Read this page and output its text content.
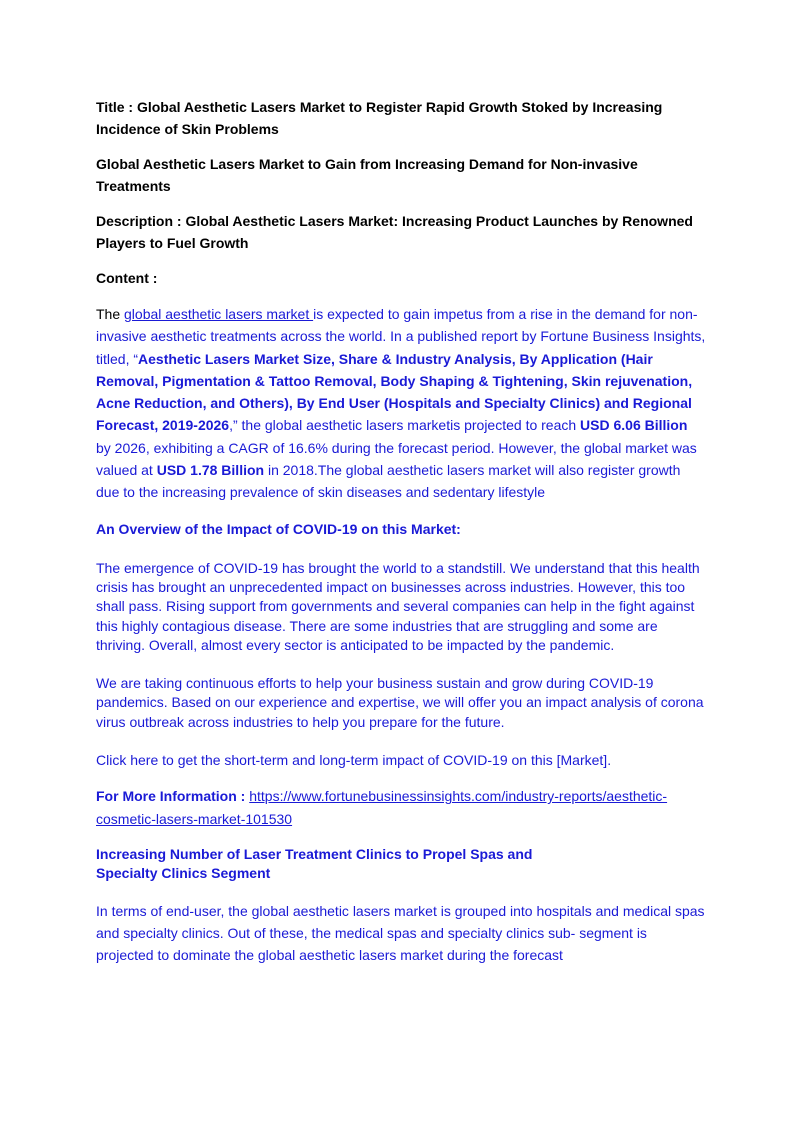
Title : Global Aesthetic Lasers Market to Register Rapid Growth Stoked by Increasing Incidence of Skin Problems

Global Aesthetic Lasers Market to Gain from Increasing Demand for Non-invasive Treatments

Description : Global Aesthetic Lasers Market: Increasing Product Launches by Renowned Players to Fuel Growth

Content :

The global aesthetic lasers market is expected to gain impetus from a rise in the demand for non-invasive aesthetic treatments across the world. In a published report by Fortune Business Insights, titled, “Aesthetic Lasers Market Size, Share & Industry Analysis, By Application (Hair Removal, Pigmentation & Tattoo Removal, Body Shaping & Tightening, Skin rejuvenation, Acne Reduction, and Others), By End User (Hospitals and Specialty Clinics) and Regional Forecast, 2019-2026,” the global aesthetic lasers marketis projected to reach USD 6.06 Billion by 2026, exhibiting a CAGR of 16.6% during the forecast period. However, the global market was valued at USD 1.78 Billion in 2018.The global aesthetic lasers market will also register growth due to the increasing prevalence of skin diseases and sedentary lifestyle

An Overview of the Impact of COVID-19 on this Market:

The emergence of COVID-19 has brought the world to a standstill. We understand that this health crisis has brought an unprecedented impact on businesses across industries. However, this too shall pass. Rising support from governments and several companies can help in the fight against this highly contagious disease. There are some industries that are struggling and some are thriving. Overall, almost every sector is anticipated to be impacted by the pandemic.

We are taking continuous efforts to help your business sustain and grow during COVID-19 pandemics. Based on our experience and expertise, we will offer you an impact analysis of corona virus outbreak across industries to help you prepare for the future.

Click here to get the short-term and long-term impact of COVID-19 on this [Market].

For More Information : https://www.fortunebusinessinsights.com/industry-reports/aesthetic-cosmetic-lasers-market-101530

Increasing Number of Laser Treatment Clinics to Propel Spas and Specialty Clinics Segment

In terms of end-user, the global aesthetic lasers market is grouped into hospitals and medical spas and specialty clinics. Out of these, the medical spas and specialty clinics sub- segment is projected to dominate the global aesthetic lasers market during the forecast
